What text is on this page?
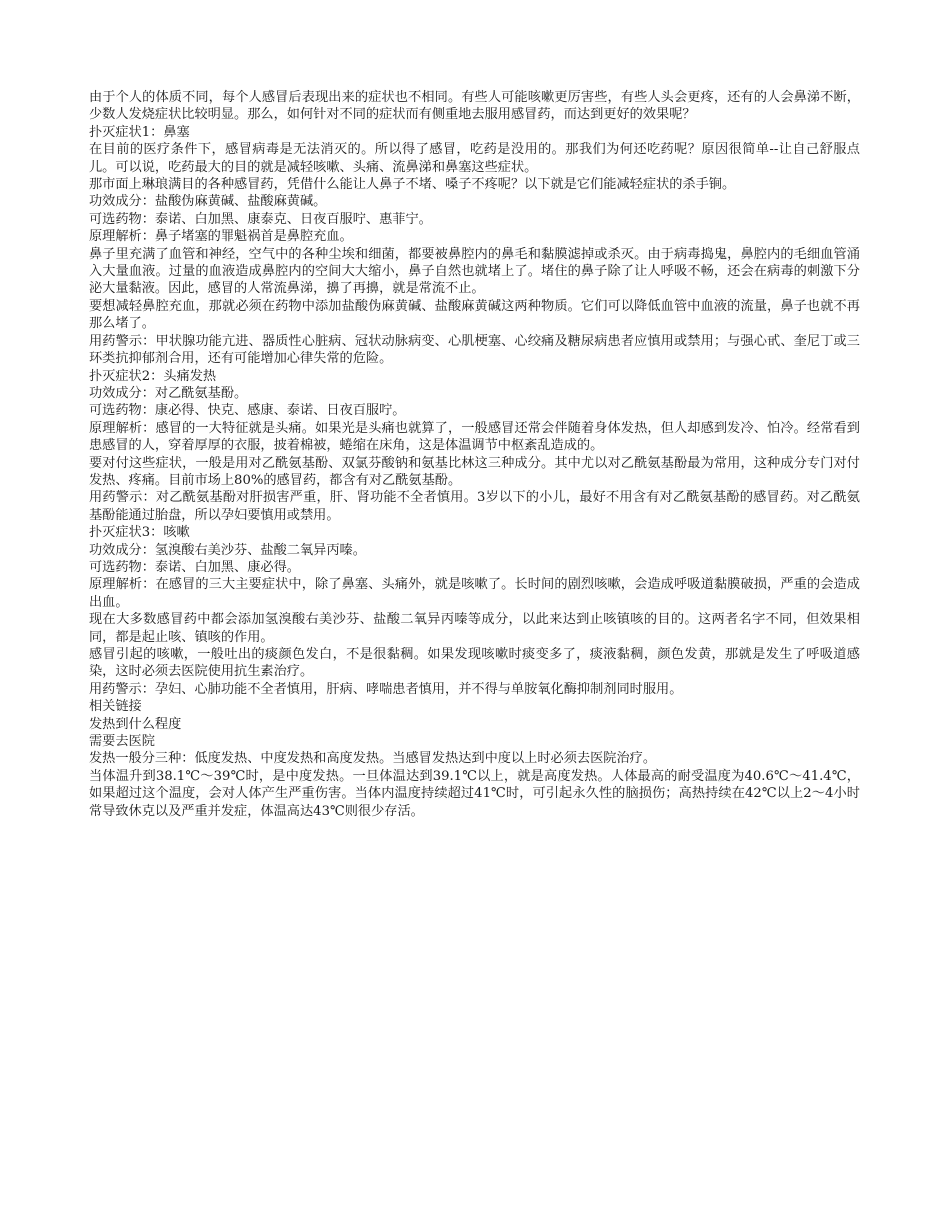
由于个人的体质不同，每个人感冒后表现出来的症状也不相同。有些人可能咳嗽更厉害些，有些人头会更疼，还有的人会鼻涕不断，少数人发烧症状比较明显。那么，如何针对不同的症状而有侧重地去服用感冒药，而达到更好的效果呢？

扑灭症状1：鼻塞

在目前的医疗条件下，感冒病毒是无法消灭的。所以得了感冒，吃药是没用的。那我们为何还吃药呢？原因很简单--让自己舒服点儿。可以说，吃药最大的目的就是减轻咳嗽、头痛、流鼻涕和鼻塞这些症状。

那市面上琳琅满目的各种感冒药，凭借什么能让人鼻子不堵、嗓子不疼呢？以下就是它们能减轻症状的杀手锏。

功效成分：盐酸伪麻黄碱、盐酸麻黄碱。

可选药物：泰诺、白加黑、康泰克、日夜百服咛、惠菲宁。

原理解析：鼻子堵塞的罪魁祸首是鼻腔充血。

鼻子里充满了血管和神经，空气中的各种尘埃和细菌，都要被鼻腔内的鼻毛和黏膜滤掉或杀灭。由于病毒捣鬼，鼻腔内的毛细血管涌入大量血液。过量的血液造成鼻腔内的空间大大缩小，鼻子自然也就堵上了。堵住的鼻子除了让人呼吸不畅，还会在病毒的刺激下分泌大量黏液。因此，感冒的人常流鼻涕，擤了再擤，就是常流不止。

要想减轻鼻腔充血，那就必须在药物中添加盐酸伪麻黄碱、盐酸麻黄碱这两种物质。它们可以降低血管中血液的流量，鼻子也就不再那么堵了。

用药警示：甲状腺功能亢进、器质性心脏病、冠状动脉病变、心肌梗塞、心绞痛及糖尿病患者应慎用或禁用；与强心甙、奎尼丁或三环类抗抑郁剂合用，还有可能增加心律失常的危险。

扑灭症状2：头痛发热

功效成分：对乙酰氨基酚。

可选药物：康必得、快克、感康、泰诺、日夜百服咛。

原理解析：感冒的一大特征就是头痛。如果光是头痛也就算了，一般感冒还常会伴随着身体发热，但人却感到发冷、怕冷。经常看到患感冒的人，穿着厚厚的衣服，披着棉被，蜷缩在床角，这是体温调节中枢紊乱造成的。

要对付这些症状，一般是用对乙酰氨基酚、双氯芬酸钠和氨基比林这三种成分。其中尤以对乙酰氨基酚最为常用，这种成分专门对付发热、疼痛。目前市场上80%的感冒药，都含有对乙酰氨基酚。

用药警示：对乙酰氨基酚对肝损害严重，肝、肾功能不全者慎用。3岁以下的小儿，最好不用含有对乙酰氨基酚的感冒药。对乙酰氨基酚能通过胎盘，所以孕妇要慎用或禁用。

扑灭症状3：咳嗽

功效成分：氢溴酸右美沙芬、盐酸二氧异丙嗪。

可选药物：泰诺、白加黑、康必得。

原理解析：在感冒的三大主要症状中，除了鼻塞、头痛外，就是咳嗽了。长时间的剧烈咳嗽，会造成呼吸道黏膜破损，严重的会造成出血。

现在大多数感冒药中都会添加氢溴酸右美沙芬、盐酸二氧异丙嗪等成分，以此来达到止咳镇咳的目的。这两者名字不同，但效果相同，都是起止咳、镇咳的作用。

感冒引起的咳嗽，一般吐出的痰颜色发白，不是很黏稠。如果发现咳嗽时痰变多了，痰液黏稠，颜色发黄，那就是发生了呼吸道感染，这时必须去医院使用抗生素治疗。

用药警示：孕妇、心肺功能不全者慎用，肝病、哮喘患者慎用，并不得与单胺氧化酶抑制剂同时服用。

相关链接

发热到什么程度

需要去医院

发热一般分三种：低度发热、中度发热和高度发热。当感冒发热达到中度以上时必须去医院治疗。

当体温升到38.1℃～39℃时，是中度发热。一旦体温达到39.1℃以上，就是高度发热。人体最高的耐受温度为40.6℃～41.4℃，如果超过这个温度，会对人体产生严重伤害。当体内温度持续超过41℃时，可引起永久性的脑损伤；高热持续在42℃以上2～4小时常导致休克以及严重并发症，体温高达43℃则很少存活。
